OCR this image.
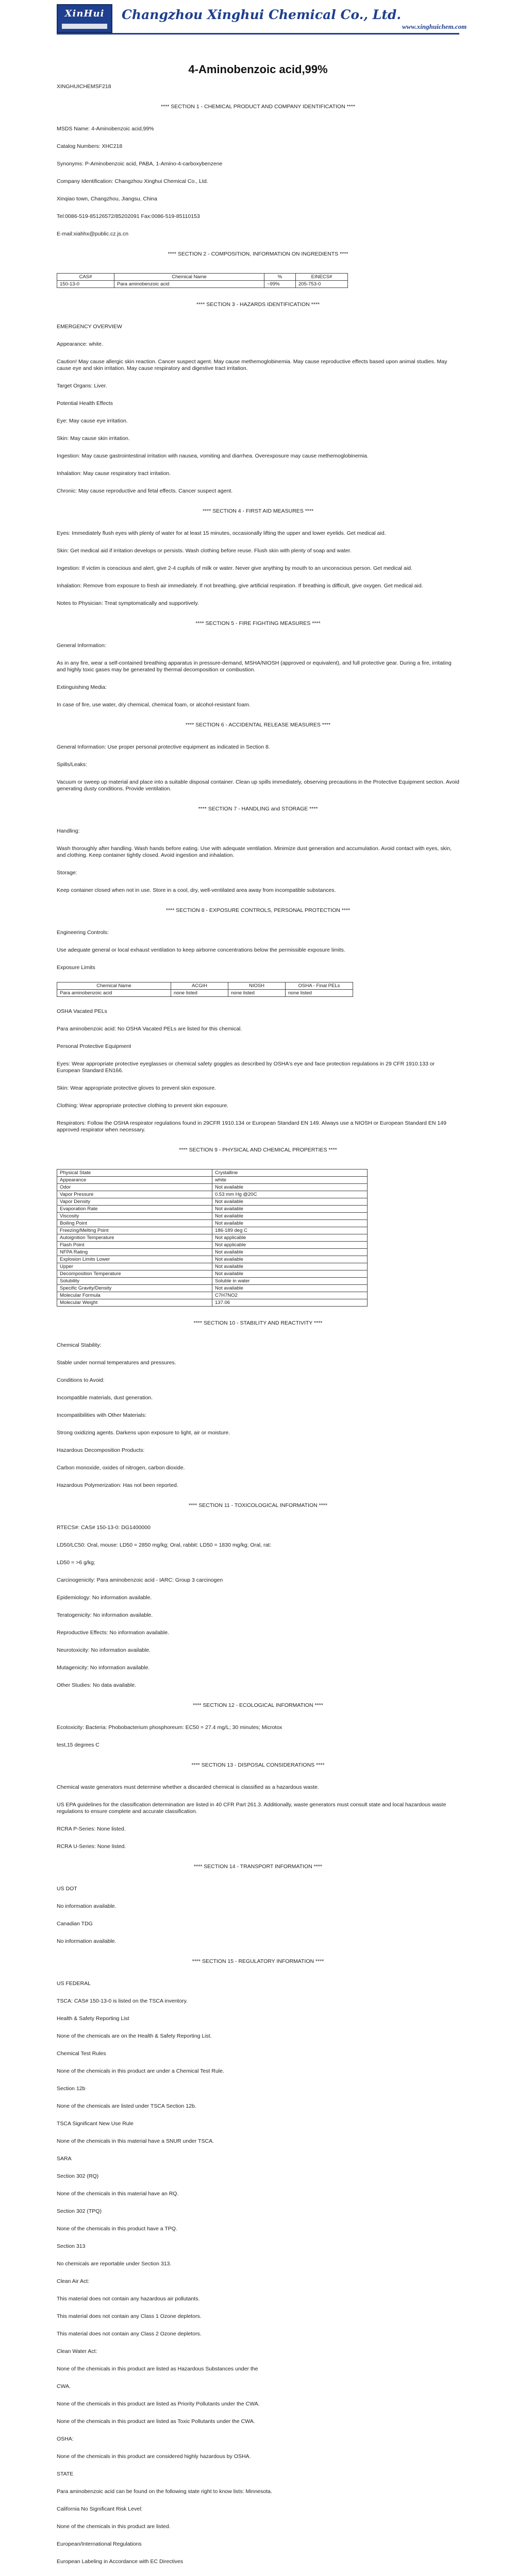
XinHui	Changzhou Xinghui Chemical Co., Ltd.
www.xinghuichem.com
4-Aminobenzoic acid,99%

XINGHUICHEMSF218

**** SECTION 1 - CHEMICAL PRODUCT AND COMPANY IDENTIFICATION ****

MSDS Name: 4-Aminobenzoic acid,99%

Catalog Numbers: XHC218

Synonyms: P-Aminobenzoic acid, PABA, 1-Amino-4-carboxybenzene

Company Identification: Changzhou Xinghui Chemical Co., Ltd.

Xinqiao town, Changzhou, Jiangsu, China

Tel:0086-519-85126572/85202091 Fax:0086-519-85110153

E-mail:xiahhx@public.cz.js.cn

**** SECTION 2 - COMPOSITION, INFORMATION ON INGREDIENTS ****
CAS#	Chemical Name	%	EINECS#
150-13-0	Para aminobenzoic acid	~99%	205-753-0
**** SECTION 3 - HAZARDS IDENTIFICATION ****

EMERGENCY OVERVIEW

Appearance: white.

Caution! May cause allergic skin reaction. Cancer suspect agent. May cause methemoglobinemia. May cause reproductive effects based upon animal studies. May cause eye and skin irritation. May cause respiratory and digestive tract irritation.

Target Organs: Liver.

Potential Health Effects

Eye: May cause eye irritation.

Skin: May cause skin irritation.

Ingestion: May cause gastrointestinal irritation with nausea, vomiting and diarrhea. Overexposure may cause methemoglobinemia.

Inhalation: May cause respiratory tract irritation.

Chronic: May cause reproductive and fetal effects. Cancer suspect agent.

**** SECTION 4 - FIRST AID MEASURES ****

Eyes: Immediately flush eyes with plenty of water for at least 15 minutes, occasionally lifting the upper and lower eyelids. Get medical aid.

Skin: Get medical aid if irritation develops or persists. Wash clothing before reuse. Flush skin with plenty of soap and water.

Ingestion: If victim is conscious and alert, give 2-4 cupfuls of milk or water. Never give anything by mouth to an unconscious person. Get medical aid.

Inhalation: Remove from exposure to fresh air immediately. If not breathing, give artificial respiration. If breathing is difficult, give oxygen. Get medical aid.

Notes to Physician: Treat symptomatically and supportively.

**** SECTION 5 - FIRE FIGHTING MEASURES ****

General Information:

As in any fire, wear a self-contained breathing apparatus in pressure-demand, MSHA/NIOSH (approved or equivalent), and full protective gear. During a fire, irritating and highly toxic gases may be generated by thermal decomposition or combustion.

Extinguishing Media:

In case of fire, use water, dry chemical, chemical foam, or alcohol-resistant foam.

**** SECTION 6 - ACCIDENTAL RELEASE MEASURES ****

General Information: Use proper personal protective equipment as indicated in Section 8.

Spills/Leaks:

Vacuum or sweep up material and place into a suitable disposal container. Clean up spills immediately, observing precautions in the Protective Equipment section. Avoid generating dusty conditions. Provide ventilation.

**** SECTION 7 - HANDLING and STORAGE ****

Handling:

Wash thoroughly after handling. Wash hands before eating. Use with adequate ventilation. Minimize dust generation and accumulation. Avoid contact with eyes, skin, and clothing. Keep container tightly closed. Avoid ingestion and inhalation.

Storage:

Keep container closed when not in use. Store in a cool, dry, well-ventilated area away from incompatible substances.

**** SECTION 8 - EXPOSURE CONTROLS, PERSONAL PROTECTION ****

Engineering Controls:

Use adequate general or local exhaust ventilation to keep airborne concentrations below the permissible exposure limits.

Exposure Limits

Chemical Name	ACGIH	NIOSH	OSHA - Final PELs
Para aminobenzoic acid	none listed	none listed	none listed

OSHA Vacated PELs

Para aminobenzoic acid: No OSHA Vacated PELs are listed for this chemical.

Personal Protective Equipment

Eyes: Wear appropriate protective eyeglasses or chemical safety goggles as described by OSHA's eye and face protection regulations in 29 CFR 1910.133 or European Standard EN166.

Skin: Wear appropriate protective gloves to prevent skin exposure.

Clothing: Wear appropriate protective clothing to prevent skin exposure.

Respirators: Follow the OSHA respirator regulations found in 29CFR 1910.134 or European Standard EN 149. Always use a NIOSH or European Standard EN 149 approved respirator when necessary.

**** SECTION 9 - PHYSICAL AND CHEMICAL PROPERTIES ****
Physical State	Crystalline
Appearance	white
Odor	Not available
Vapor Pressure	0.53 mm Hg @20C
Vapor Density	Not available
Evaporation Rate	Not available
Viscosity	Not available
Boiling Point	Not available
Freezing/Melting Point	186-189 deg C
Autoignition Temperature	Not applicable
Flash Point	Not applicable
NFPA Rating	Not available
Explosion Limits Lower	Not available
Upper	Not available
Decomposition Temperature	Not available
Solubility	Soluble in water
Specific Gravity/Density	Not available
Molecular Formula	C7H7NO2
Molecular Weight	137.06
**** SECTION 10 - STABILITY AND REACTIVITY ****

Chemical Stability:

Stable under normal temperatures and pressures.

Conditions to Avoid:

Incompatible materials, dust generation.

Incompatibilities with Other Materials:

Strong oxidizing agents. Darkens upon exposure to light, air or moisture.

Hazardous Decomposition Products:

Carbon monoxide, oxides of nitrogen, carbon dioxide.

Hazardous Polymerization: Has not been reported.

**** SECTION 11 - TOXICOLOGICAL INFORMATION ****

RTECS#: CAS# 150-13-0: DG1400000

LD50/LC50: Oral, mouse: LD50 = 2850 mg/kg; Oral, rabbit: LD50 = 1830 mg/kg; Oral, rat:

LD50 = >6 g/kg;

Carcinogenicity: Para aminobenzoic acid - IARC: Group 3 carcinogen

Epidemiology: No information available.

Teratogenicity: No information available.

Reproductive Effects: No information available.

Neurotoxicity: No information available.

Mutagenicity: No information available.

Other Studies: No data available.

**** SECTION 12 - ECOLOGICAL INFORMATION ****

Ecotoxicity: Bacteria: Phobobacterium phosphoreum: EC50 = 27.4 mg/L; 30 minutes; Microtox

test,15 degrees C

**** SECTION 13 - DISPOSAL CONSIDERATIONS ****

Chemical waste generators must determine whether a discarded chemical is classified as a hazardous waste.

US EPA guidelines for the classification determination are listed in 40 CFR Part 261.3. Additionally, waste generators must consult state and local hazardous waste regulations to ensure complete and accurate classification.

RCRA P-Series: None listed.

RCRA U-Series: None listed.

**** SECTION 14 - TRANSPORT INFORMATION ****

US DOT

No information available.

Canadian TDG

No information available.

**** SECTION 15 - REGULATORY INFORMATION ****

US FEDERAL

TSCA: CAS# 150-13-0 is listed on the TSCA inventory.

Health & Safety Reporting List

None of the chemicals are on the Health & Safety Reporting List.

Chemical Test Rules

None of the chemicals in this product are under a Chemical Test Rule.

Section 12b

None of the chemicals are listed under TSCA Section 12b.

TSCA Significant New Use Rule

None of the chemicals in this material have a SNUR under TSCA.

SARA

Section 302 (RQ)

None of the chemicals in this material have an RQ.

Section 302 (TPQ)

None of the chemicals in this product have a TPQ.

Section 313

No chemicals are reportable under Section 313.

Clean Air Act:

This material does not contain any hazardous air pollutants.

This material does not contain any Class 1 Ozone depletors.

This material does not contain any Class 2 Ozone depletors.

Clean Water Act:

None of the chemicals in this product are listed as Hazardous Substances under the

CWA.

None of the chemicals in this product are listed as Priority Pollutants under the CWA.

None of the chemicals in this product are listed as Toxic Pollutants under the CWA.

OSHA:

None of the chemicals in this product are considered highly hazardous by OSHA.

STATE

Para aminobenzoic acid can be found on the following state right to know lists: Minnesota.

California No Significant Risk Level:

None of the chemicals in this product are listed.

European/International Regulations

European Labeling in Accordance with EC Directives
